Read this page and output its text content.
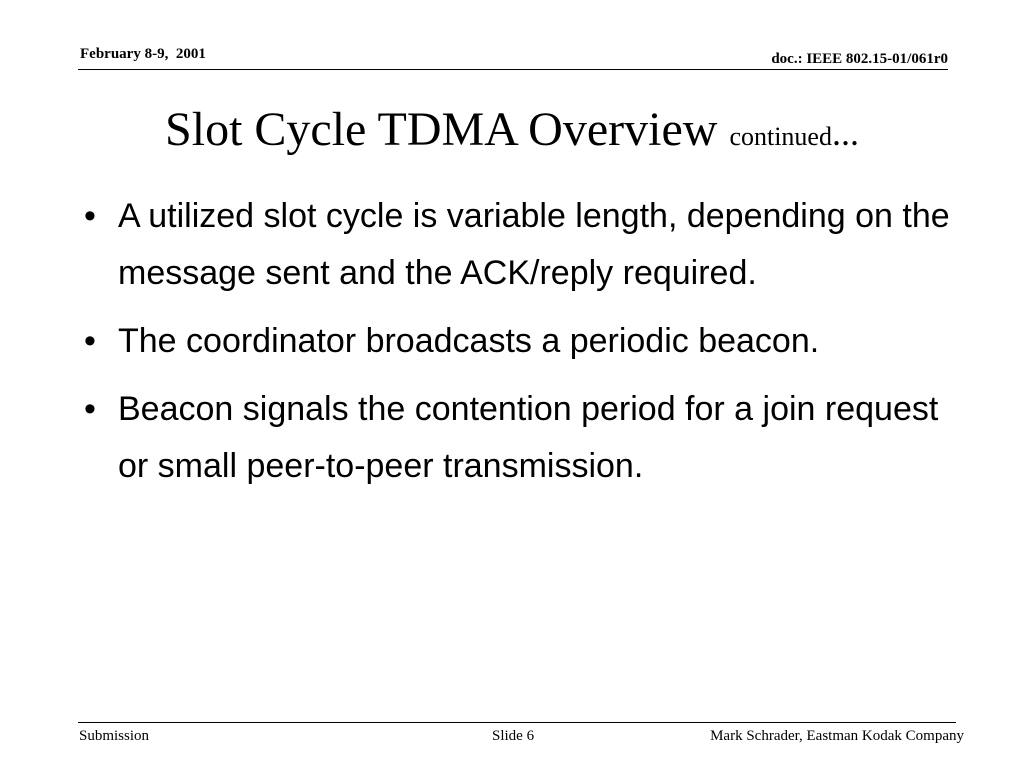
February 8-9,  2001	doc.: IEEE 802.15-01/061r0
Slot Cycle TDMA Overview continued...
• A utilized slot cycle is variable length, depending on the message sent and the ACK/reply required.
• The coordinator broadcasts a periodic beacon.
• Beacon signals the contention period for a join request or small peer-to-peer transmission.
Submission	Slide 6	Mark Schrader, Eastman Kodak Company
